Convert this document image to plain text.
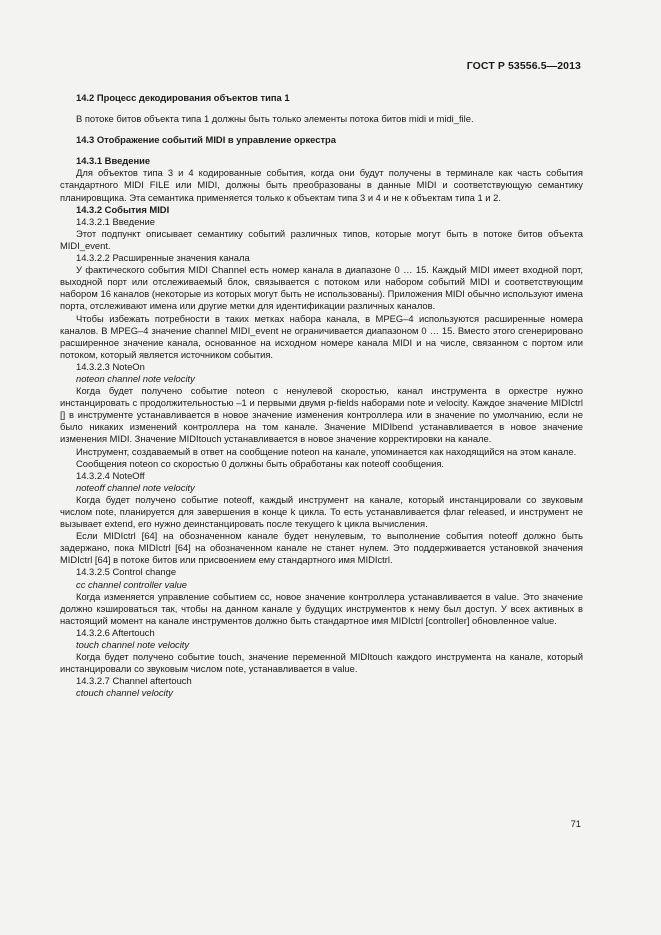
ГОСТ Р 53556.5—2013

14.2 Процесс декодирования объектов типа 1

В потоке битов объекта типа 1 должны быть только элементы потока битов midi и midi_file.

14.3 Отображение событий MIDI в управление оркестра

14.3.1 Введение

Для объектов типа 3 и 4 кодированные события, когда они будут получены в терминале как часть события стандартного MIDI FILE или MIDI, должны быть преобразованы в данные MIDI и соответствующую семантику планировщика. Эта семантика применяется только к объектам типа 3 и 4 и не к объектам типа 1 и 2.

14.3.2 События MIDI

14.3.2.1 Введение

Этот подпункт описывает семантику событий различных типов, которые могут быть в потоке битов объекта MIDI_event.

14.3.2.2 Расширенные значения канала

У фактического события MIDI Channel есть номер канала в диапазоне 0 … 15. Каждый MIDI имеет входной порт, выходной порт или отслеживаемый блок, связывается с потоком или набором событий MIDI и соответствующим набором 16 каналов (некоторые из которых могут быть не использованы). Приложения MIDI обычно используют имена порта, отслеживают имена или другие метки для идентификации различных каналов.

Чтобы избежать потребности в таких метках набора канала, в MPEG–4 используются расширенные номера каналов. В MPEG–4 значение channel MIDI_event не ограничивается диапазоном 0 … 15. Вместо этого сгенерировано расширенное значение канала, основанное на исходном номере канала MIDI и на числе, связанном с портом или потоком, который является источником события.

14.3.2.3 NoteOn

noteon channel note velocity

Когда будет получено событие noteon с ненулевой скоростью, канал инструмента в оркестре нужно инстанцировать с продолжительностью –1 и первыми двумя p-fields наборами note и velocity. Каждое значение MIDIctrl [] в инструменте устанавливается в новое значение изменения контроллера или в значение по умолчанию, если не было никаких изменений контроллера на том канале. Значение MIDIbend устанавливается в новое значение изменения MIDI. Значение MIDItouch устанавливается в новое значение корректировки на канале.

Инструмент, создаваемый в ответ на сообщение noteon на канале, упоминается как находящийся на этом канале.

Сообщения noteon со скоростью 0 должны быть обработаны как noteoff сообщения.

14.3.2.4 NoteOff

noteoff channel note velocity

Когда будет получено событие noteoff, каждый инструмент на канале, который инстанцировали со звуковым числом note, планируется для завершения в конце k цикла. То есть устанавливается флаг released, и инструмент не вызывает extend, его нужно деинстанцировать после текущего k цикла вычисления.

Если MIDIctrl [64] на обозначенном канале будет ненулевым, то выполнение события noteoff должно быть задержано, пока MIDIctrl [64] на обозначенном канале не станет нулем. Это поддерживается установкой значения MIDIctrl [64] в потоке битов или присвоением ему стандартного имя MIDIctrl.

14.3.2.5 Control change

cc channel controller value

Когда изменяется управление событием cc, новое значение контроллера устанавливается в value. Это значение должно кэшироваться так, чтобы на данном канале у будущих инструментов к нему был доступ. У всех активных в настоящий момент на канале инструментов должно быть стандартное имя MIDIctrl [controller] обновленное value.

14.3.2.6 Aftertouch

touch channel note velocity

Когда будет получено событие touch, значение переменной MIDItouch каждого инструмента на канале, который инстанцировали со звуковым числом note, устанавливается в value.

14.3.2.7 Channel aftertouch

ctouch channel velocity

71
